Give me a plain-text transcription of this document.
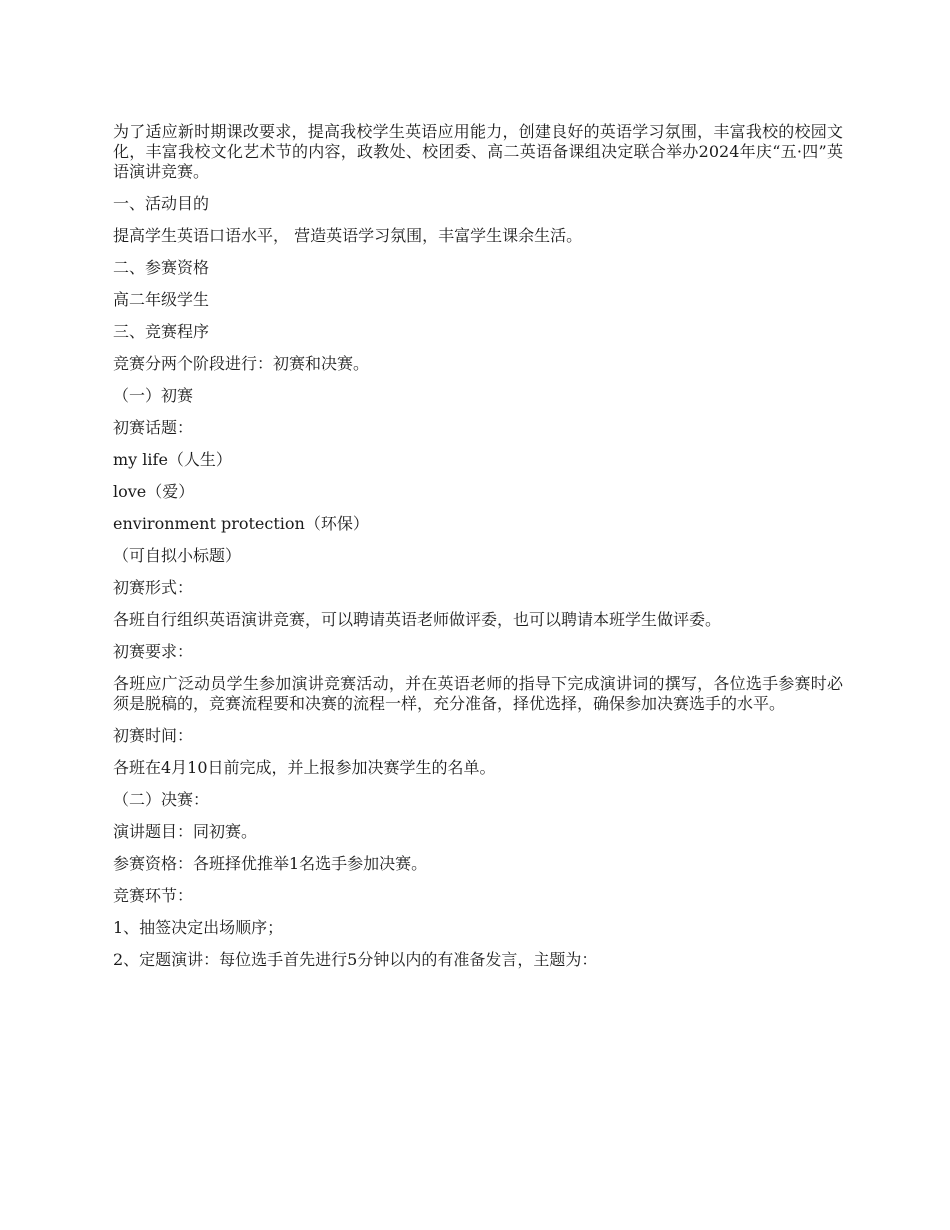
为了适应新时期课改要求，提高我校学生英语应用能力，创建良好的英语学习氛围，丰富我校的校园文化，丰富我校文化艺术节的内容，政教处、校团委、高二英语备课组决定联合举办2024年庆“五·四”英语演讲竞赛。

一、活动目的

提高学生英语口语水平， 营造英语学习氛围，丰富学生课余生活。

二、参赛资格

高二年级学生

三、竞赛程序

竞赛分两个阶段进行：初赛和决赛。

（一）初赛

初赛话题：

my life（人生）

love（爱）

environment protection（环保）

（可自拟小标题）

初赛形式：

各班自行组织英语演讲竞赛，可以聘请英语老师做评委，也可以聘请本班学生做评委。

初赛要求：

各班应广泛动员学生参加演讲竞赛活动，并在英语老师的指导下完成演讲词的撰写，各位选手参赛时必须是脱稿的，竞赛流程要和决赛的流程一样，充分准备，择优选择，确保参加决赛选手的水平。

初赛时间：

各班在4月10日前完成，并上报参加决赛学生的名单。

（二）决赛：

演讲题目：同初赛。

参赛资格：各班择优推举1名选手参加决赛。

竞赛环节：

1、抽签决定出场顺序；

2、定题演讲：每位选手首先进行5分钟以内的有准备发言，主题为：
